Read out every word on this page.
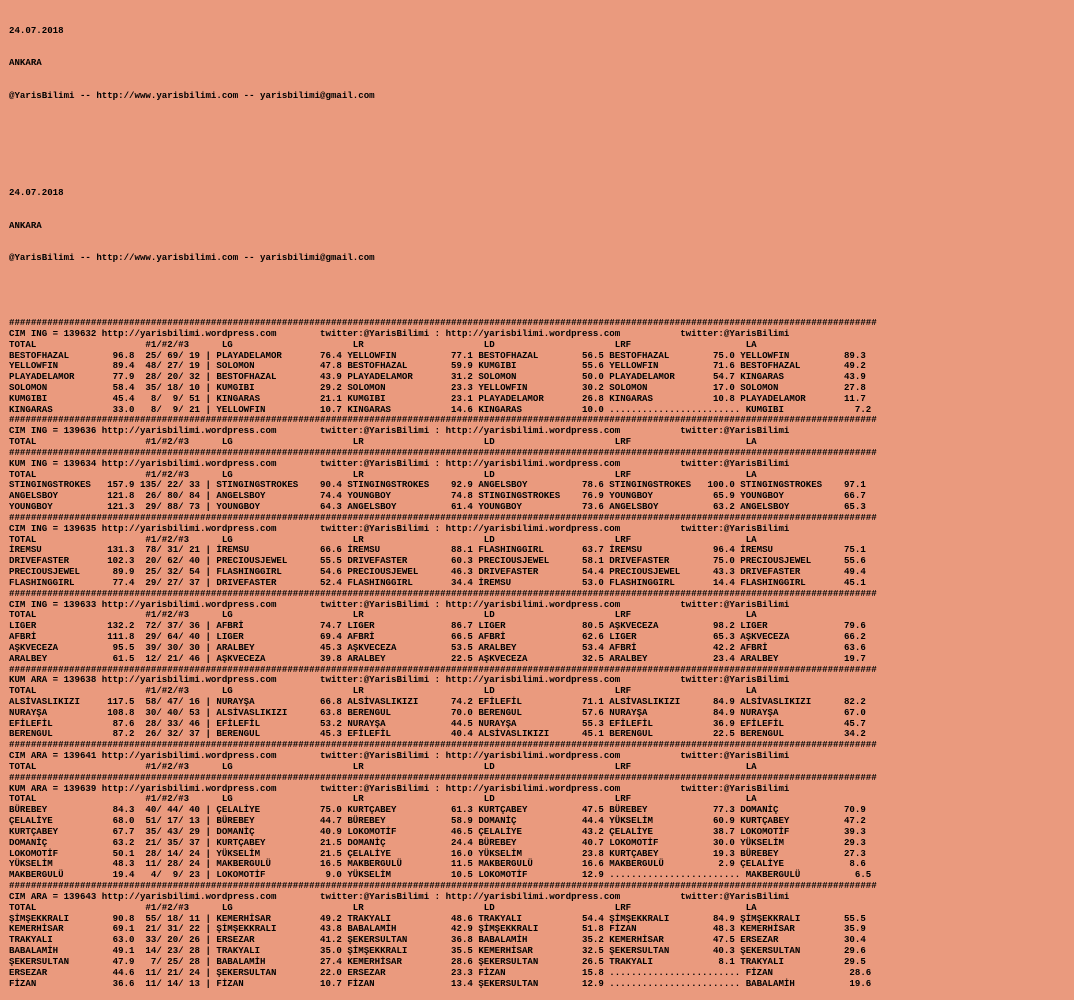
24.07.2018

ANKARA

@YarisBilimi -- http://www.yarisbilimi.com -- yarisbilimi@gmail.com

24.07.2018

ANKARA

@YarisBilimi -- http://www.yarisbilimi.com -- yarisbilimi@gmail.com

###############################################################################################################################################################
CIM ING = 139632 http://yarisbilimi.wordpress.com        twitter:@YarisBilimi : http://yarisbilimi.wordpress.com           twitter:@YarisBilimi
TOTAL                    #1/#2/#3      LG                      LR                      LD                      LRF                     LA
BESTOFHAZAL        96.8  25/ 69/ 19 | PLAYADELAMOR       76.4 YELLOWFIN          77.1 BESTOFHAZAL        56.5 BESTOFHAZAL        75.0 YELLOWFIN          89.3
YELLOWFIN          89.4  48/ 27/ 19 | SOLOMON            47.8 BESTOFHAZAL        59.9 KUMGIBI            55.6 YELLOWFIN          71.6 BESTOFHAZAL        49.2
PLAYADELAMOR       77.9  28/ 20/ 32 | BESTOFHAZAL        43.9 PLAYADELAMOR       31.2 SOLOMON            50.0 PLAYADELAMOR       54.7 KINGARAS           43.9
SOLOMON            58.4  35/ 18/ 10 | KUMGIBI            29.2 SOLOMON            23.3 YELLOWFIN          30.2 SOLOMON            17.0 SOLOMON            27.8
KUMGIBI            45.4   8/  9/ 51 | KINGARAS           21.1 KUMGIBI            23.1 PLAYADELAMOR       26.8 KINGARAS           10.8 PLAYADELAMOR       11.7
KINGARAS           33.0   8/  9/ 21 | YELLOWFIN          10.7 KINGARAS           14.6 KINGARAS           10.0 ........................ KUMGIBI             7.2
###############################################################################################################################################################
CIM ING = 139636 http://yarisbilimi.wordpress.com        twitter:@YarisBilimi : http://yarisbilimi.wordpress.com           twitter:@YarisBilimi
TOTAL                    #1/#2/#3      LG                      LR                      LD                      LRF                     LA
###############################################################################################################################################################
KUM ING = 139634 http://yarisbilimi.wordpress.com        twitter:@YarisBilimi : http://yarisbilimi.wordpress.com           twitter:@YarisBilimi
TOTAL                    #1/#2/#3      LG                      LR                      LD                      LRF                     LA
STINGINGSTROKES   157.9 135/ 22/ 33 | STINGINGSTROKES    90.4 STINGINGSTROKES    92.9 ANGELSBOY          78.6 STINGINGSTROKES   100.0 STINGINGSTROKES    97.1
ANGELSBOY         121.8  26/ 80/ 84 | ANGELSBOY          74.4 YOUNGBOY           74.8 STINGINGSTROKES    76.9 YOUNGBOY           65.9 YOUNGBOY           66.7
YOUNGBOY          121.3  29/ 88/ 73 | YOUNGBOY           64.3 ANGELSBOY          61.4 YOUNGBOY           73.6 ANGELSBOY          63.2 ANGELSBOY          65.3
###############################################################################################################################################################
CIM ING = 139635 http://yarisbilimi.wordpress.com        twitter:@YarisBilimi : http://yarisbilimi.wordpress.com           twitter:@YarisBilimi
TOTAL                    #1/#2/#3      LG                      LR                      LD                      LRF                     LA
İREMSU            131.3  78/ 31/ 21 | İREMSU             66.6 İREMSU             88.1 FLASHINGGIRL       63.7 İREMSU             96.4 İREMSU             75.1
DRIVEFASTER       102.3  20/ 62/ 40 | PRECIOUSJEWEL      55.5 DRIVEFASTER        60.3 PRECIOUSJEWEL      58.1 DRIVEFASTER        75.0 PRECIOUSJEWEL      55.6
PRECIOUSJEWEL      89.9  25/ 32/ 54 | FLASHINGGIRL       54.6 PRECIOUSJEWEL      46.3 DRIVEFASTER        54.4 PRECIOUSJEWEL      43.3 DRIVEFASTER        49.4
FLASHINGGIRL       77.4  29/ 27/ 37 | DRIVEFASTER        52.4 FLASHINGGIRL       34.4 İREMSU             53.0 FLASHINGGIRL       14.4 FLASHINGGIRL       45.1
###############################################################################################################################################################
CIM ING = 139633 http://yarisbilimi.wordpress.com        twitter:@YarisBilimi : http://yarisbilimi.wordpress.com           twitter:@YarisBilimi
TOTAL                    #1/#2/#3      LG                      LR                      LD                      LRF                     LA
LIGER             132.2  72/ 37/ 36 | AFBRİ              74.7 LIGER              86.7 LIGER              80.5 AŞKVECEZA          98.2 LIGER              79.6
AFBRİ             111.8  29/ 64/ 40 | LIGER              69.4 AFBRİ              66.5 AFBRİ              62.6 LIGER              65.3 AŞKVECEZA          66.2
AŞKVECEZA          95.5  39/ 30/ 30 | ARALBEY            45.3 AŞKVECEZA          53.5 ARALBEY            53.4 AFBRİ              42.2 AFBRİ              63.6
ARALBEY            61.5  12/ 21/ 46 | AŞKVECEZA          39.8 ARALBEY            22.5 AŞKVECEZA          32.5 ARALBEY            23.4 ARALBEY            19.7
###############################################################################################################################################################
KUM ARA = 139638 http://yarisbilimi.wordpress.com        twitter:@YarisBilimi : http://yarisbilimi.wordpress.com           twitter:@YarisBilimi
TOTAL                    #1/#2/#3      LG                      LR                      LD                      LRF                     LA
ALSİVASLIKIZI     117.5  58/ 47/ 16 | NURAYŞA            66.8 ALSİVASLIKIZI      74.2 EFİLEFİL           71.1 ALSİVASLIKIZI      84.9 ALSİVASLIKIZI      82.2
NURAYŞA           108.8  30/ 40/ 53 | ALSİVASLIKIZI      63.8 BERENGUL           70.0 BERENGUL           57.6 NURAYŞA            84.9 NURAYŞA            67.0
EFİLEFİL           87.6  28/ 33/ 46 | EFİLEFİL           53.2 NURAYŞA            44.5 NURAYŞA            55.3 EFİLEFİL           36.9 EFİLEFİL           45.7
BERENGUL           87.2  26/ 32/ 37 | BERENGUL           45.3 EFİLEFİL           40.4 ALSİVASLIKIZI      45.1 BERENGUL           22.5 BERENGUL           34.2
###############################################################################################################################################################
CIM ARA = 139641 http://yarisbilimi.wordpress.com        twitter:@YarisBilimi : http://yarisbilimi.wordpress.com           twitter:@YarisBilimi
TOTAL                    #1/#2/#3      LG                      LR                      LD                      LRF                     LA
###############################################################################################################################################################
KUM ARA = 139639 http://yarisbilimi.wordpress.com        twitter:@YarisBilimi : http://yarisbilimi.wordpress.com           twitter:@YarisBilimi
TOTAL                    #1/#2/#3      LG                      LR                      LD                      LRF                     LA
BÜREBEY            84.3  40/ 44/ 40 | ÇELALİYE           75.0 KURTÇABEY          61.3 KURTÇABEY          47.5 BÜREBEY            77.3 DOMANİÇ            70.9
ÇELALİYE           68.0  51/ 17/ 13 | BÜREBEY            44.7 BÜREBEY            58.9 DOMANİÇ            44.4 YÜKSELİM           60.9 KURTÇABEY          47.2
KURTÇABEY          67.7  35/ 43/ 29 | DOMANİÇ            40.9 LOKOMOTİF          46.5 ÇELALİYE           43.2 ÇELALİYE           38.7 LOKOMOTİF          39.3
DOMANİÇ            63.2  21/ 35/ 37 | KURTÇABEY          21.5 DOMANİÇ            24.4 BÜREBEY            40.7 LOKOMOTİF          30.0 YÜKSELİM           29.3
LOKOMOTİF          50.1  28/ 14/ 24 | YÜKSELİM           21.5 ÇELALİYE           16.0 YÜKSELİM           23.8 KURTÇABEY          19.3 BÜREBEY            27.3
YÜKSELİM           48.3  11/ 28/ 24 | MAKBERGULÜ         16.5 MAKBERGULÜ         11.5 MAKBERGULÜ         16.6 MAKBERGULÜ          2.9 ÇELALİYE            8.6
MAKBERGULÜ         19.4   4/  9/ 23 | LOKOMOTİF           9.0 YÜKSELİM           10.5 LOKOMOTİF          12.9 ........................ MAKBERGULÜ          6.5
###############################################################################################################################################################
CIM ARA = 139643 http://yarisbilimi.wordpress.com        twitter:@YarisBilimi : http://yarisbilimi.wordpress.com           twitter:@YarisBilimi
TOTAL                    #1/#2/#3      LG                      LR                      LD                      LRF                     LA
ŞİMŞEKKRALI        90.8  55/ 18/ 11 | KEMERHİSAR         49.2 TRAKYALI           48.6 TRAKYALI           54.4 ŞİMŞEKKRALI        84.9 ŞİMŞEKKRALI        55.5
KEMERHİSAR         69.1  21/ 31/ 22 | ŞİMŞEKKRALI        43.8 BABALAMİH          42.9 ŞİMŞEKKRALI        51.8 FİZAN              48.3 KEMERHİSAR         35.9
TRAKYALI           63.0  33/ 20/ 26 | ERSEZAR            41.2 ŞEKERSULTAN        36.8 BABALAMİH          35.2 KEMERHİSAR         47.5 ERSEZAR            30.4
BABALAMİH          49.1  14/ 23/ 28 | TRAKYALI           35.0 ŞİMŞEKKRALI        35.5 KEMERHİSAR         32.5 ŞEKERSULTAN        40.3 ŞEKERSULTAN        29.6
ŞEKERSULTAN        47.9   7/ 25/ 28 | BABALAMİH          27.4 KEMERHİSAR         28.6 ŞEKERSULTAN        26.5 TRAKYALI            8.1 TRAKYALI           29.5
ERSEZAR            44.6  11/ 21/ 24 | ŞEKERSULTAN        22.0 ERSEZAR            23.3 FİZAN              15.8 ........................ FİZAN              28.6
FİZAN              36.6  11/ 14/ 13 | FİZAN              10.7 FİZAN              13.4 ŞEKERSULTAN        12.9 ........................ BABALAMİH          19.6
